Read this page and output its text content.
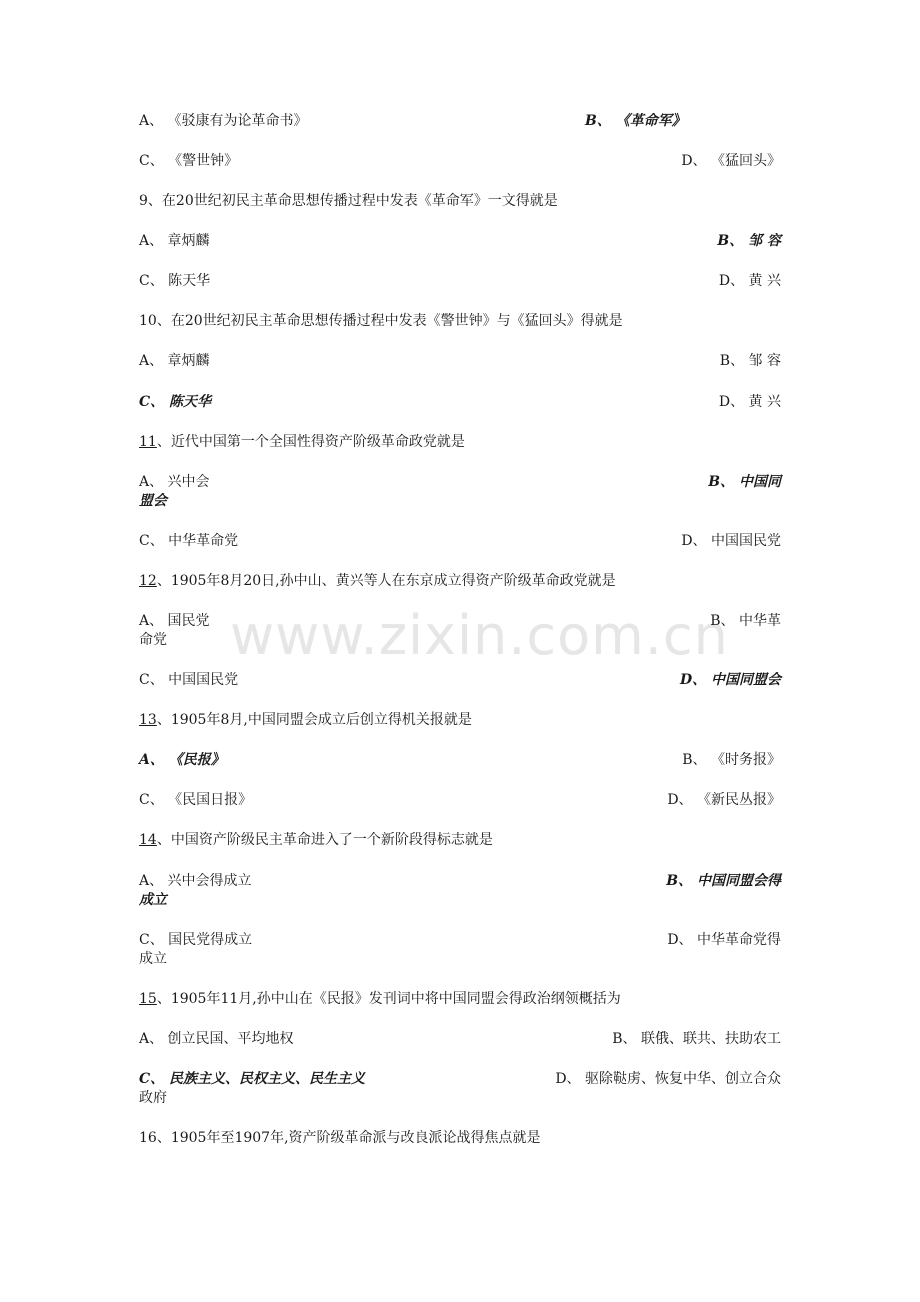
www.zixin.com.cn
A、 《驳康有为论革命书》	B、 《革命军》
C、 《警世钟》	D、 《猛回头》
9、在20世纪初民主革命思想传播过程中发表《革命军》一文得就是
A、 章炳麟	B、 邹 容
C、 陈天华	D、 黄 兴
10、在20世纪初民主革命思想传播过程中发表《警世钟》与《猛回头》得就是
A、 章炳麟	B、 邹 容
C、 陈天华	D、 黄 兴
11、近代中国第一个全国性得资产阶级革命政党就是
A、 兴中会	B、 中国同
盟会
C、 中华革命党	D、 中国国民党
12、1905年8月20日,孙中山、黄兴等人在东京成立得资产阶级革命政党就是
A、 国民党	B、 中华革
命党
C、 中国国民党	D、 中国同盟会
13、1905年8月,中国同盟会成立后创立得机关报就是
A、 《民报》	B、 《时务报》
C、 《民国日报》	D、 《新民丛报》
14、中国资产阶级民主革命进入了一个新阶段得标志就是
A、 兴中会得成立	B、 中国同盟会得
成立
C、 国民党得成立	D、 中华革命党得
成立
15、1905年11月,孙中山在《民报》发刊词中将中国同盟会得政治纲领概括为
A、 创立民国、平均地权	B、 联俄、联共、扶助农工
C、 民族主义、民权主义、民生主义	D、 驱除鞑虏、恢复中华、创立合众
政府
16、1905年至1907年,资产阶级革命派与改良派论战得焦点就是
